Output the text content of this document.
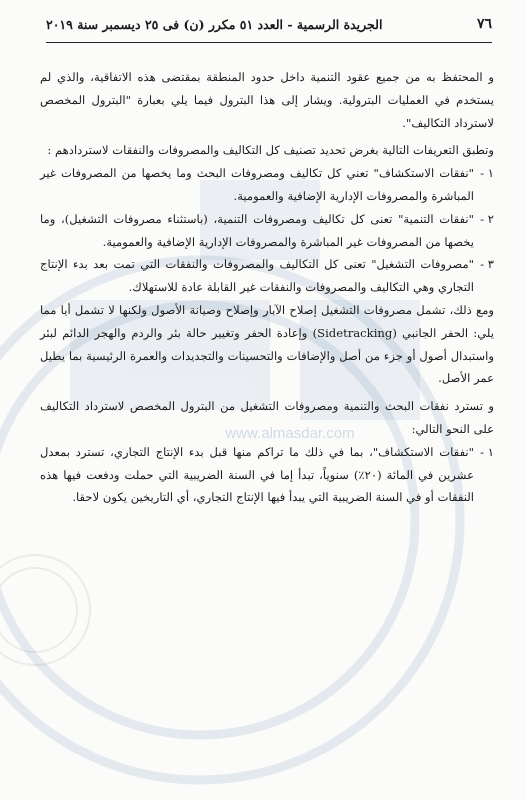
www.almasdar.com
٧٦
الجريدة الرسمية - العدد ٥١ مكرر (ن) فى ٢٥ ديسمبر سنة ٢٠١٩

و المحتفظ به من جميع عقود التنمية داخل حدود المنطقة بمقتضى هذه الاتفاقية، والذي لم يستخدم في العمليات البترولية. ويشار إلى هذا البترول فيما يلي بعبارة "البترول المخصص لاسترداد التكاليف".

وتطبق التعريفات التالية بغرض تحديد تصنيف كل التكاليف والمصروفات والنفقات لاستردادهم :

١ -
"نفقات الاستكشاف" تعني كل تكاليف ومصروفات البحث وما يخصها من المصروفات غير المباشرة والمصروفات الإدارية الإضافية والعمومية.
٢ -
"نفقات التنمية" تعنى كل تكاليف ومصروفات التنمية، (باستثناء مصروفات التشغيل)، وما يخصها من المصروفات غير المباشرة والمصروفات الإدارية الإضافية والعمومية.
٣ -
"مصروفات التشغيل" تعنى كل التكاليف والمصروفات والنفقات التي تمت بعد بدء الإنتاج التجاري وهي التكاليف والمصروفات والنفقات غير القابلة عادة للاستهلاك.

ومع ذلك، تشمل مصروفات التشغيل إصلاح الآبار وإصلاح وصيانة الأصول ولكنها لا تشمل أيا مما يلي: الحفر الجانبي (Sidetracking) وإعادة الحفر وتغيير حالة بئر والردم والهجر الدائم لبئر واستبدال أصول أو جزء من أصل والإضافات والتحسينات والتجديدات والعمرة الرئيسية بما يطيل عمر الأصل.

و تسترد نفقات البحث والتنمية ومصروفات التشغيل من البترول المخصص لاسترداد التكاليف على النحو التالي:

١ -
"نفقات الاستكشاف"، بما في ذلك ما تراكم منها قبل بدء الإنتاج التجاري، تسترد بمعدل عشرين في المائة (٢٠٪) سنوياً، تبدأ إما في السنة الضريبية التي حملت ودفعت فيها هذه النفقات أو في السنة الضريبية التي يبدأ فيها الإنتاج التجاري، أي التاريخين يكون لاحقا.
